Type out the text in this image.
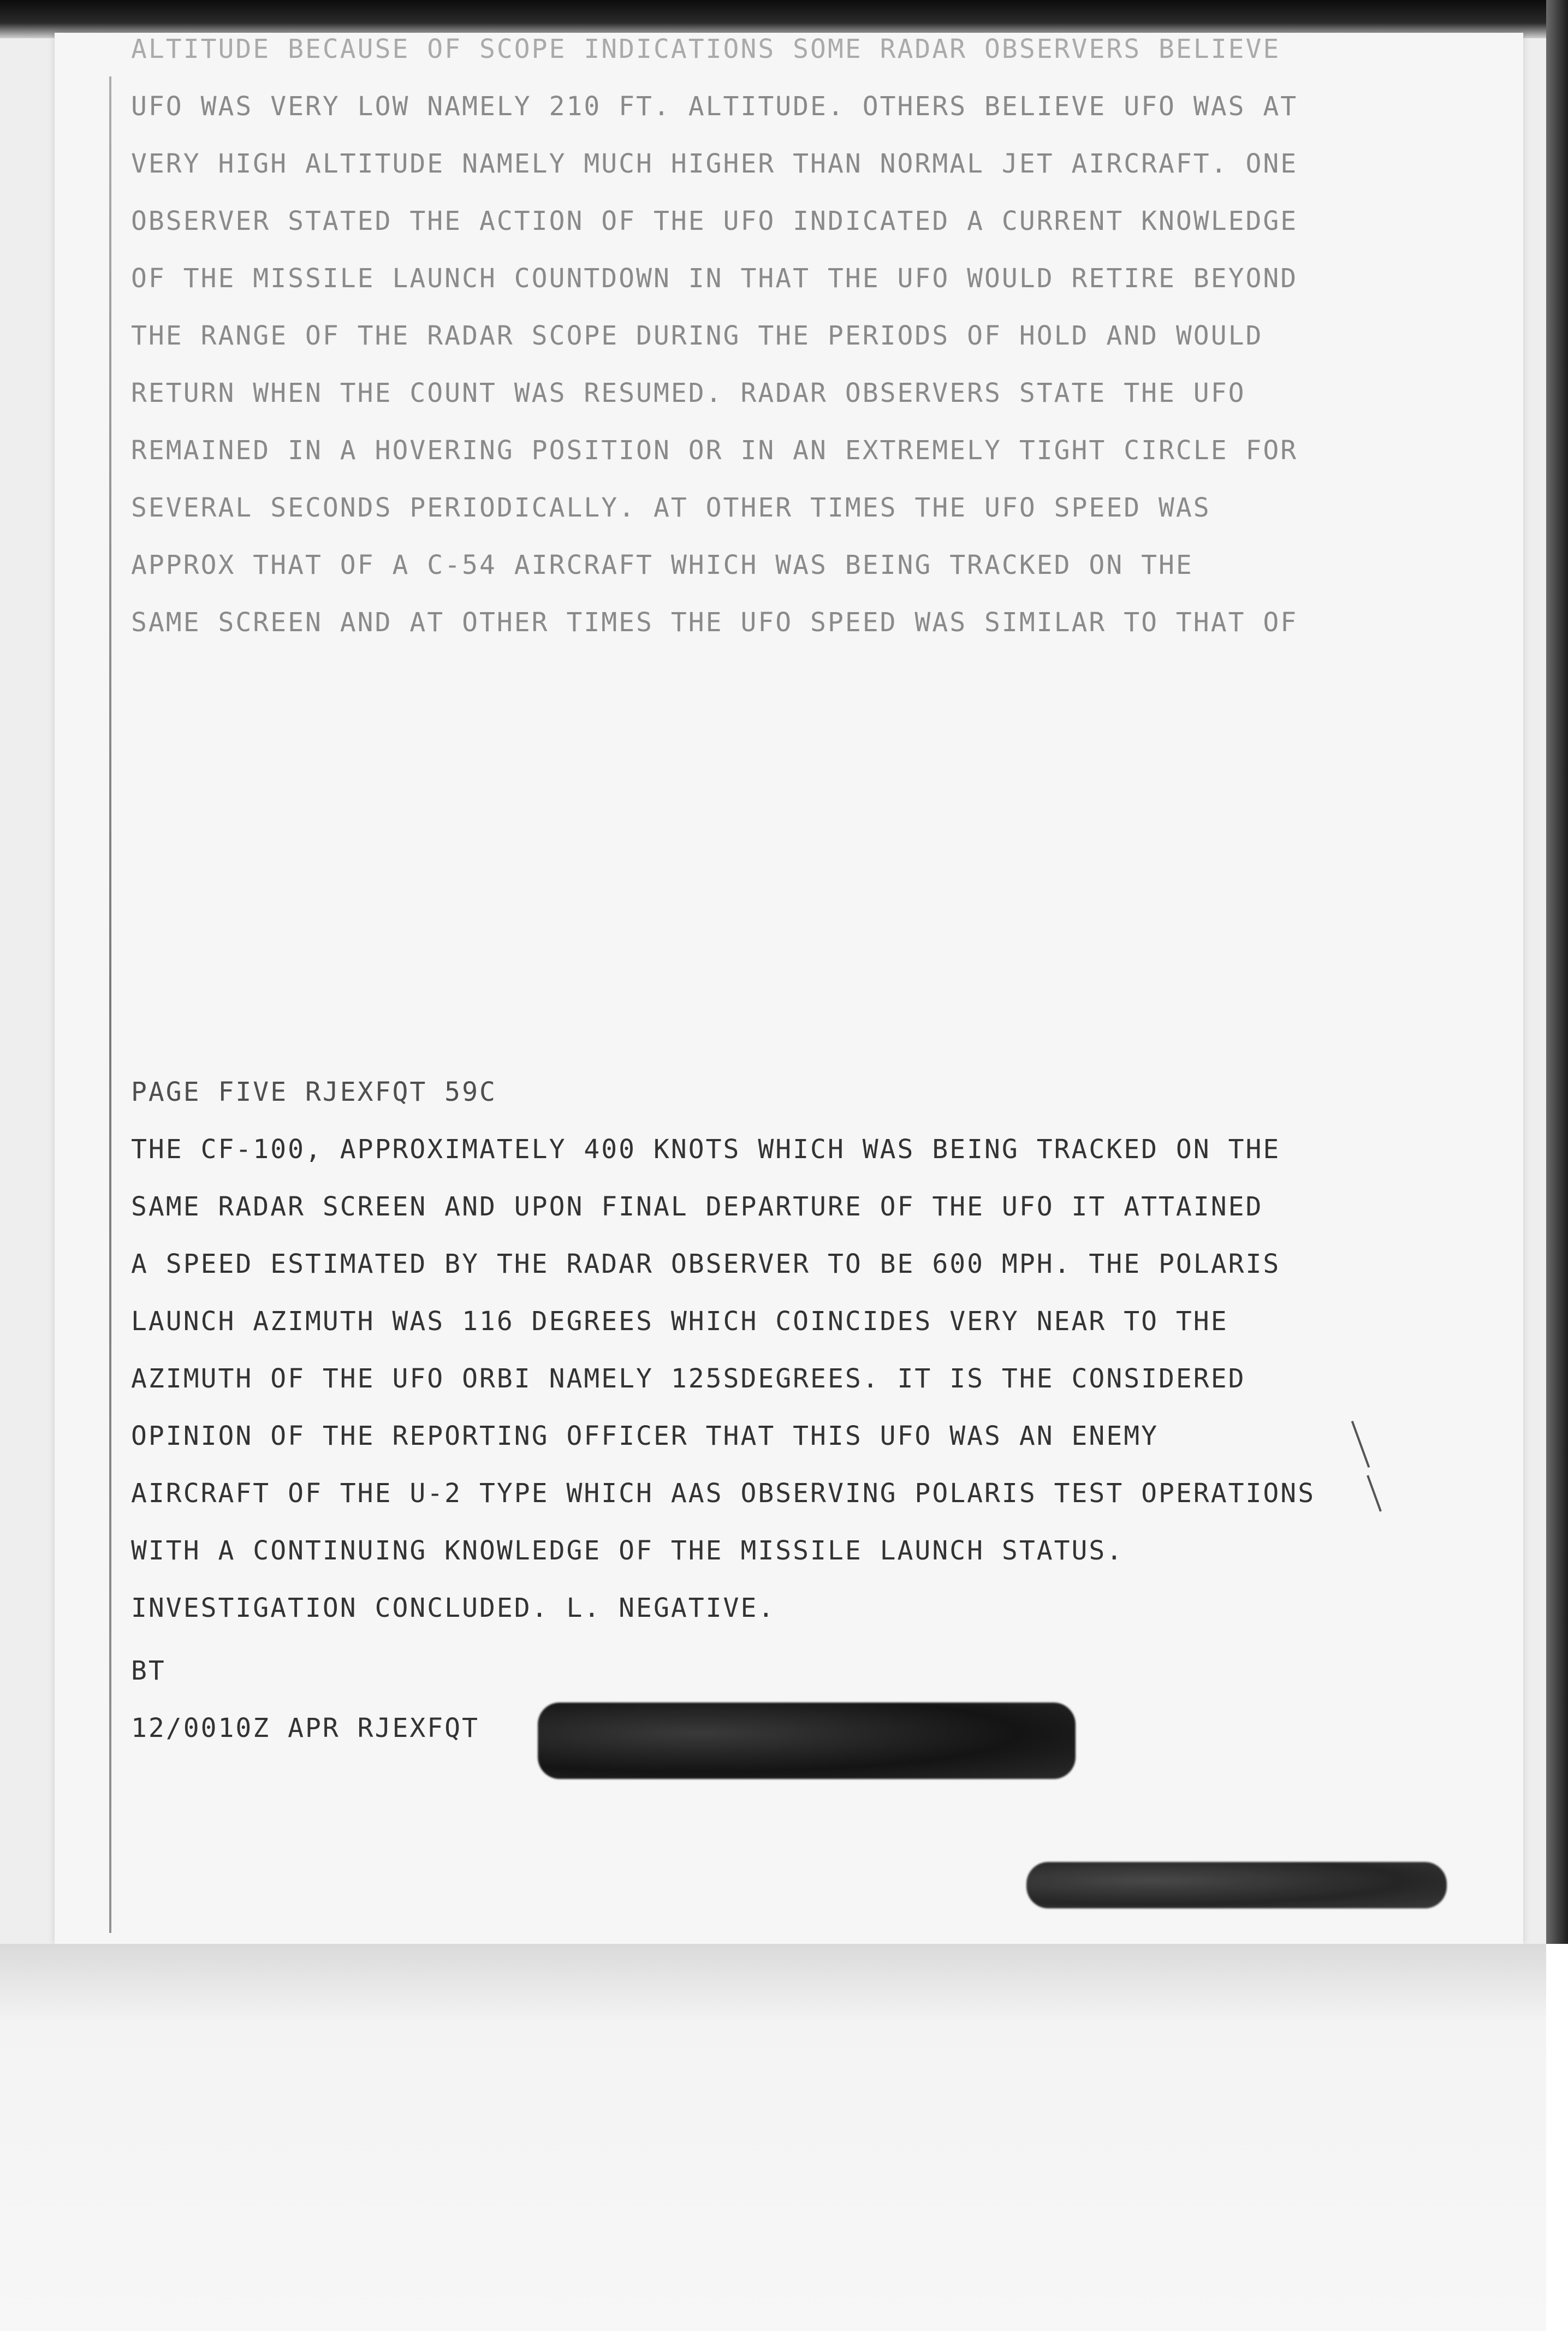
ALTITUDE BECAUSE OF SCOPE INDICATIONS SOME RADAR OBSERVERS BELIEVE
UFO WAS VERY LOW NAMELY 210 FT. ALTITUDE. OTHERS BELIEVE UFO WAS AT
VERY HIGH ALTITUDE NAMELY MUCH HIGHER THAN NORMAL JET AIRCRAFT. ONE
OBSERVER STATED THE ACTION OF THE UFO INDICATED A CURRENT KNOWLEDGE
OF THE MISSILE LAUNCH COUNTDOWN IN THAT THE UFO WOULD RETIRE BEYOND
THE RANGE OF THE RADAR SCOPE DURING THE PERIODS OF HOLD AND WOULD
RETURN WHEN THE COUNT WAS RESUMED. RADAR OBSERVERS STATE THE UFO
REMAINED IN A HOVERING POSITION OR IN AN EXTREMELY TIGHT CIRCLE FOR
SEVERAL SECONDS PERIODICALLY. AT OTHER TIMES THE UFO SPEED WAS
APPROX THAT OF A C-54 AIRCRAFT WHICH WAS BEING TRACKED ON THE
SAME SCREEN AND AT OTHER TIMES THE UFO SPEED WAS SIMILAR TO THAT OF
PAGE FIVE RJEXFQT 59C
THE CF-100, APPROXIMATELY 400 KNOTS WHICH WAS BEING TRACKED ON THE
SAME RADAR SCREEN AND UPON FINAL DEPARTURE OF THE UFO IT ATTAINED
A SPEED ESTIMATED BY THE RADAR OBSERVER TO BE 600 MPH. THE POLARIS
LAUNCH AZIMUTH WAS 116 DEGREES WHICH COINCIDES VERY NEAR TO THE
AZIMUTH OF THE UFO ORBI NAMELY 125SDEGREES. IT IS THE CONSIDERED
OPINION OF THE REPORTING OFFICER THAT THIS UFO WAS AN ENEMY
AIRCRAFT OF THE U-2 TYPE WHICH AAS OBSERVING POLARIS TEST OPERATIONS
WITH A CONTINUING KNOWLEDGE OF THE MISSILE LAUNCH STATUS.
INVESTIGATION CONCLUDED. L. NEGATIVE.
BT
12/0010Z APR RJEXFQT
